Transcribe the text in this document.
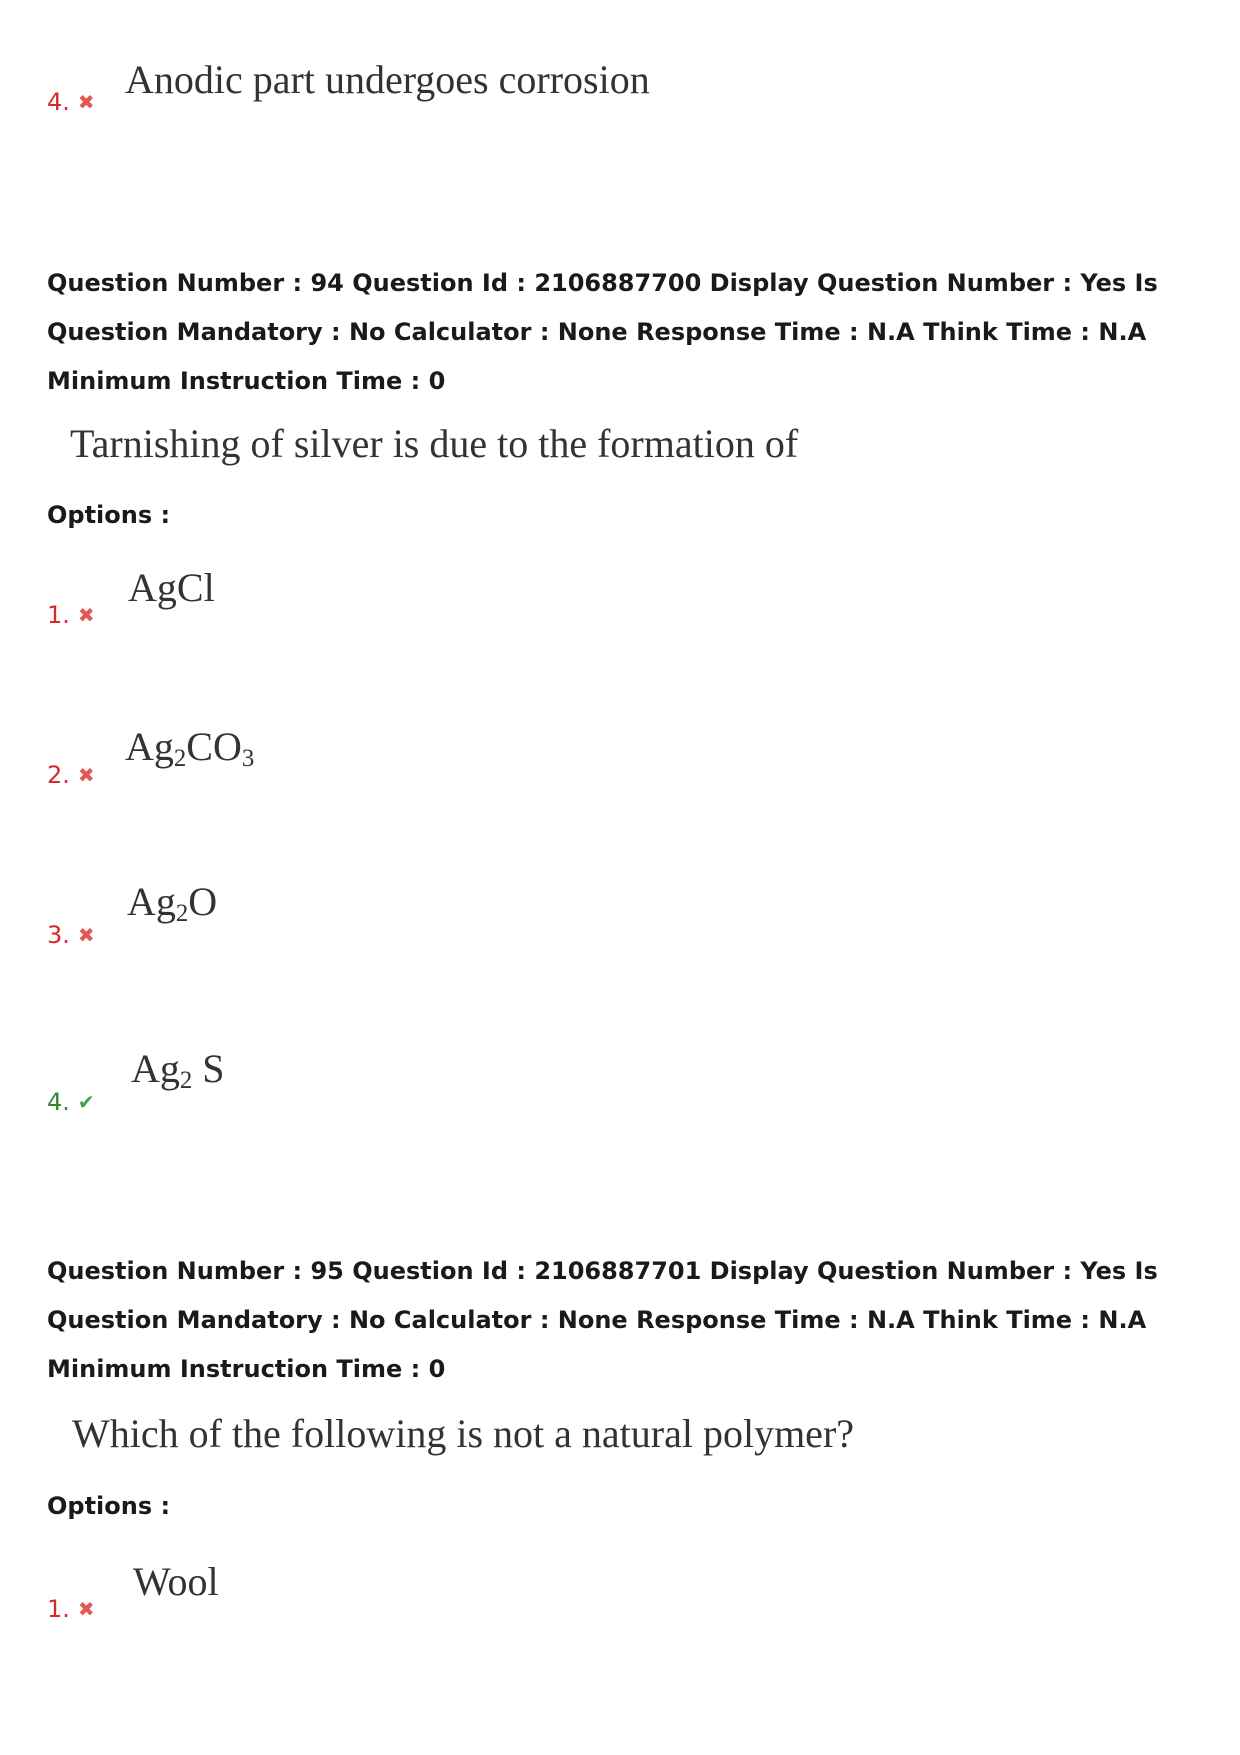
4. ✖ Anodic part undergoes corrosion
Question Number : 94 Question Id : 2106887700 Display Question Number : Yes Is Question Mandatory : No Calculator : None Response Time : N.A Think Time : N.A Minimum Instruction Time : 0
Tarnishing of silver is due to the formation of
Options :
1. ✖
AgCl
2. ✖
$Ag_2CO_3$
3. ✖
$Ag_2O$
4. ✔
$Ag_2$ S
Question Number : 95 Question Id : 2106887701 Display Question Number : Yes Is Question Mandatory : No Calculator : None Response Time : N.A Think Time : N.A Minimum Instruction Time : 0
Which of the following is not a natural polymer?
Options :
1. ✖
Wool
